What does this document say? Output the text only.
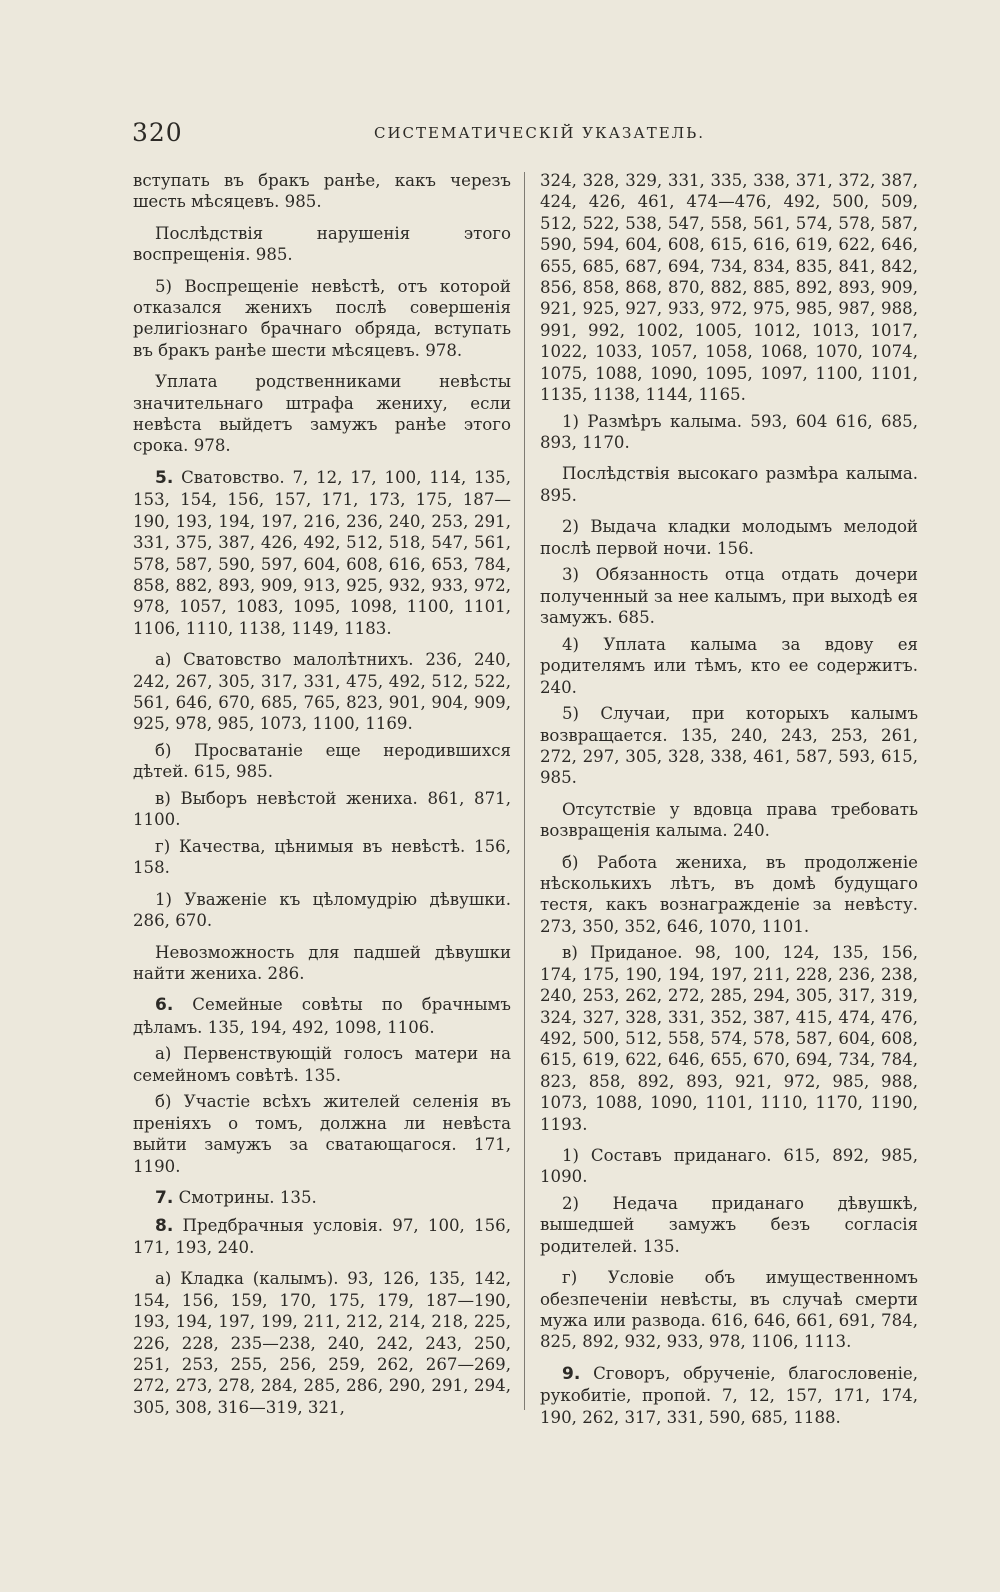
320	СИСТЕМАТИЧЕСКІЙ УКАЗАТЕЛЬ.

вступать въ бракъ ранѣе, какъ черезъ шесть мѣсяцевъ. 985.

Послѣдствія нарушенія этого воспрещенія. 985.

5) Воспрещеніе невѣстѣ, отъ которой отказался женихъ послѣ совершенія религіознаго брачнаго обряда, вступать въ бракъ ранѣе шести мѣсяцевъ. 978.

Уплата родственниками невѣсты значительнаго штрафа жениху, если невѣста выйдетъ замужъ ранѣе этого срока. 978.

5. Сватовство. 7, 12, 17, 100, 114, 135, 153, 154, 156, 157, 171, 173, 175, 187—190, 193, 194, 197, 216, 236, 240, 253, 291, 331, 375, 387, 426, 492, 512, 518, 547, 561, 578, 587, 590, 597, 604, 608, 616, 653, 784, 858, 882, 893, 909, 913, 925, 932, 933, 972, 978, 1057, 1083, 1095, 1098, 1100, 1101, 1106, 1110, 1138, 1149, 1183.

а) Сватовство малолѣтнихъ. 236, 240, 242, 267, 305, 317, 331, 475, 492, 512, 522, 561, 646, 670, 685, 765, 823, 901, 904, 909, 925, 978, 985, 1073, 1100, 1169.

б) Просватаніе еще неродившихся дѣтей. 615, 985.

в) Выборъ невѣстой жениха. 861, 871, 1100.

г) Качества, цѣнимыя въ невѣстѣ. 156, 158.

1) Уваженіе къ цѣломудрію дѣвушки. 286, 670.

Невозможность для падшей дѣвушки найти жениха. 286.

6. Семейные совѣты по брачнымъ дѣламъ. 135, 194, 492, 1098, 1106.

а) Первенствующій голосъ матери на семейномъ совѣтѣ. 135.

б) Участіе всѣхъ жителей селенія въ преніяхъ о томъ, должна ли невѣста выйти замужъ за сватающагося. 171, 1190.

7. Смотрины. 135.

8. Предбрачныя условія. 97, 100, 156, 171, 193, 240.

а) Кладка (калымъ). 93, 126, 135, 142, 154, 156, 159, 170, 175, 179, 187—190, 193, 194, 197, 199, 211, 212, 214, 218, 225, 226, 228, 235—238, 240, 242, 243, 250, 251, 253, 255, 256, 259, 262, 267—269, 272, 273, 278, 284, 285, 286, 290, 291, 294, 305, 308, 316—319, 321,

324, 328, 329, 331, 335, 338, 371, 372, 387, 424, 426, 461, 474—476, 492, 500, 509, 512, 522, 538, 547, 558, 561, 574, 578, 587, 590, 594, 604, 608, 615, 616, 619, 622, 646, 655, 685, 687, 694, 734, 834, 835, 841, 842, 856, 858, 868, 870, 882, 885, 892, 893, 909, 921, 925, 927, 933, 972, 975, 985, 987, 988, 991, 992, 1002, 1005, 1012, 1013, 1017, 1022, 1033, 1057, 1058, 1068, 1070, 1074, 1075, 1088, 1090, 1095, 1097, 1100, 1101, 1135, 1138, 1144, 1165.

1) Размѣръ калыма. 593, 604 616, 685, 893, 1170.

Послѣдствія высокаго размѣра калыма. 895.

2) Выдача кладки молодымъ мелодой послѣ первой ночи. 156.

3) Обязанность отца отдать дочери полученный за нее калымъ, при выходѣ ея замужъ. 685.

4) Уплата калыма за вдову ея родителямъ или тѣмъ, кто ее содержитъ. 240.

5) Случаи, при которыхъ калымъ возвращается. 135, 240, 243, 253, 261, 272, 297, 305, 328, 338, 461, 587, 593, 615, 985.

Отсутствіе у вдовца права требовать возвращенія калыма. 240.

б) Работа жениха, въ продолженіе нѣсколькихъ лѣтъ, въ домѣ будущаго тестя, какъ вознагражденіе за невѣсту. 273, 350, 352, 646, 1070, 1101.

в) Приданое. 98, 100, 124, 135, 156, 174, 175, 190, 194, 197, 211, 228, 236, 238, 240, 253, 262, 272, 285, 294, 305, 317, 319, 324, 327, 328, 331, 352, 387, 415, 474, 476, 492, 500, 512, 558, 574, 578, 587, 604, 608, 615, 619, 622, 646, 655, 670, 694, 734, 784, 823, 858, 892, 893, 921, 972, 985, 988, 1073, 1088, 1090, 1101, 1110, 1170, 1190, 1193.

1) Составъ приданаго. 615, 892, 985, 1090.

2) Недача приданаго дѣвушкѣ, вышедшей замужъ безъ согласія родителей. 135.

г) Условіе объ имущественномъ обезпеченіи невѣсты, въ случаѣ смерти мужа или развода. 616, 646, 661, 691, 784, 825, 892, 932, 933, 978, 1106, 1113.

9. Сговоръ, обрученіе, благословеніе, рукобитіе, пропой. 7, 12, 157, 171, 174, 190, 262, 317, 331, 590, 685, 1188.
